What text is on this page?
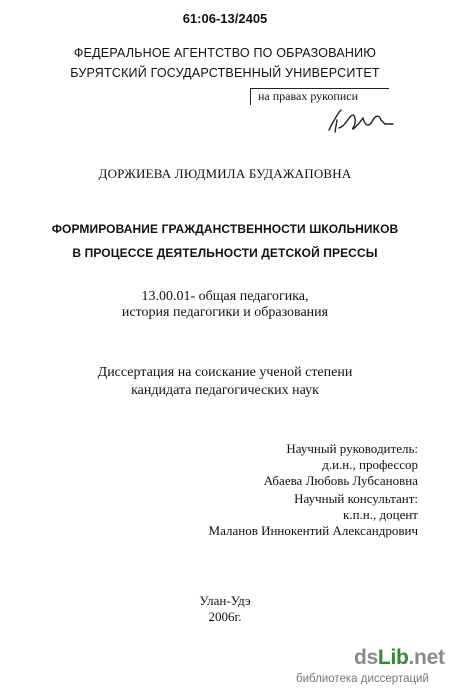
61:06-13/2405
ФЕДЕРАЛЬНОЕ АГЕНТСТВО ПО ОБРАЗОВАНИЮ
БУРЯТСКИЙ ГОСУДАРСТВЕННЫЙ УНИВЕРСИТЕТ
на правах рукописи
ДОРЖИЕВА ЛЮДМИЛА БУДАЖАПОВНА
ФОРМИРОВАНИЕ ГРАЖДАНСТВЕННОСТИ ШКОЛЬНИКОВ
В ПРОЦЕССЕ ДЕЯТЕЛЬНОСТИ ДЕТСКОЙ ПРЕССЫ
13.00.01- общая педагогика,
история педагогики и образования
Диссертация на соискание ученой степени
кандидата педагогических наук
Научный руководитель:
д.и.н., профессор
Абаева Любовь Лубсановна
Научный консультант:
к.п.н., доцент
Маланов Иннокентий Александрович
Улан-Удэ
2006г.
dsLib.net
библиотека диссертаций
